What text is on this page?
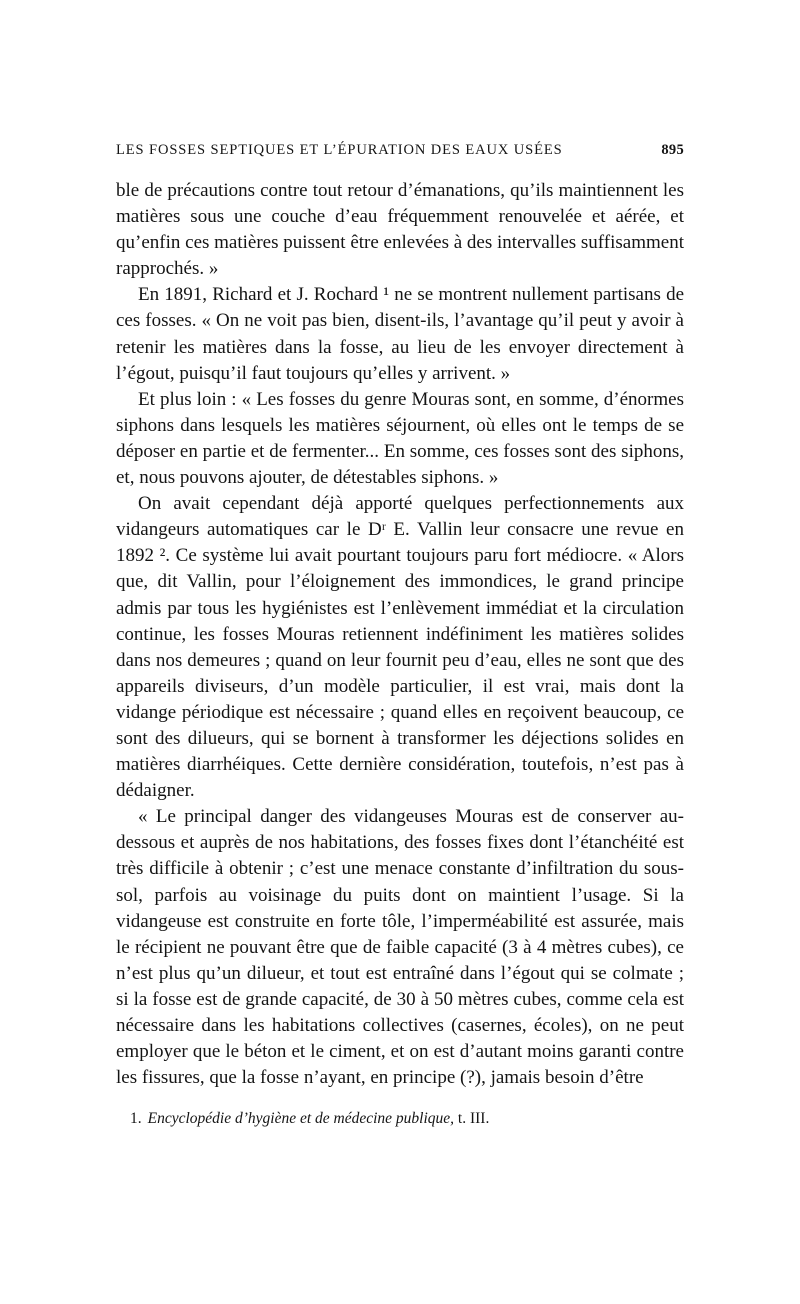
LES FOSSES SEPTIQUES ET L’ÉPURATION DES EAUX USÉES	895

ble de précautions contre tout retour d’émanations, qu’ils maintiennent les matières sous une couche d’eau fréquemment renouvelée et aérée, et qu’enfin ces matières puissent être enlevées à des intervalles suffisamment rapprochés. »

En 1891, Richard et J. Rochard ¹ ne se montrent nullement partisans de ces fosses. « On ne voit pas bien, disent-ils, l’avantage qu’il peut y avoir à retenir les matières dans la fosse, au lieu de les envoyer directement à l’égout, puisqu’il faut toujours qu’elles y arrivent. »

Et plus loin : « Les fosses du genre Mouras sont, en somme, d’énormes siphons dans lesquels les matières séjournent, où elles ont le temps de se déposer en partie et de fermenter... En somme, ces fosses sont des siphons, et, nous pouvons ajouter, de détestables siphons. »

On avait cependant déjà apporté quelques perfectionnements aux vidangeurs automatiques car le Dʳ E. Vallin leur consacre une revue en 1892 ². Ce système lui avait pourtant toujours paru fort médiocre. « Alors que, dit Vallin, pour l’éloignement des immondices, le grand principe admis par tous les hygiénistes est l’enlèvement immédiat et la circulation continue, les fosses Mouras retiennent indéfiniment les matières solides dans nos demeures ; quand on leur fournit peu d’eau, elles ne sont que des appareils diviseurs, d’un modèle particulier, il est vrai, mais dont la vidange périodique est nécessaire ; quand elles en reçoivent beaucoup, ce sont des dilueurs, qui se bornent à transformer les déjections solides en matières diarrhéiques. Cette dernière considération, toutefois, n’est pas à dédaigner.

« Le principal danger des vidangeuses Mouras est de conserver au-dessous et auprès de nos habitations, des fosses fixes dont l’étanchéité est très difficile à obtenir ; c’est une menace constante d’infiltration du sous-sol, parfois au voisinage du puits dont on maintient l’usage. Si la vidangeuse est construite en forte tôle, l’imperméabilité est assurée, mais le récipient ne pouvant être que de faible capacité (3 à 4 mètres cubes), ce n’est plus qu’un dilueur, et tout est entraîné dans l’égout qui se colmate ; si la fosse est de grande capacité, de 30 à 50 mètres cubes, comme cela est nécessaire dans les habitations collectives (casernes, écoles), on ne peut employer que le béton et le ciment, et on est d’autant moins garanti contre les fissures, que la fosse n’ayant, en principe (?), jamais besoin d’être

1. Encyclopédie d’hygiène et de médecine publique, t. III.
